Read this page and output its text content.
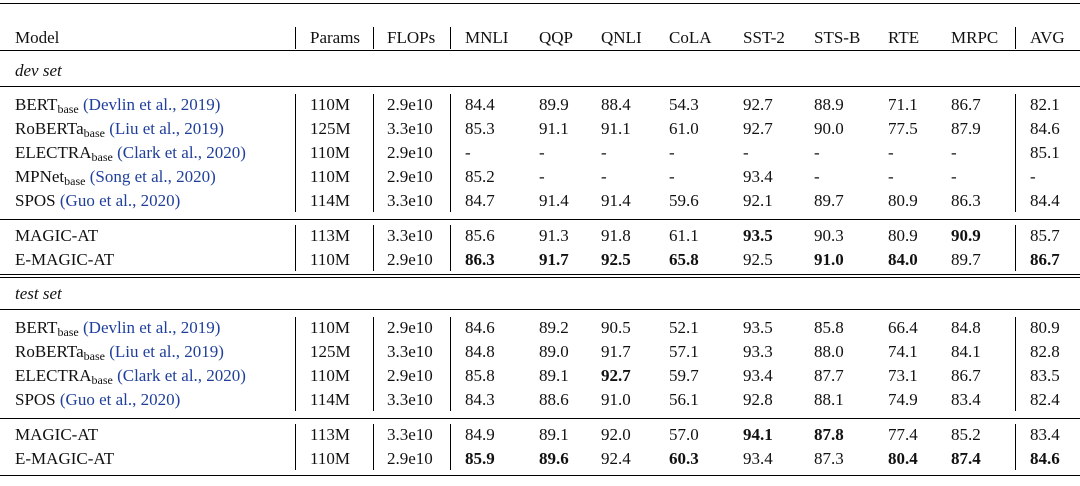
Model	Params FLOPs MNLI QQP QNLI CoLA SST-2 STS-B RTE MRPC AVG
dev set
$BERT_{base}$ (Devlin et al., 2019)	110M 2.9e10 84.4	89.9 88.4 54.3	92.7 88.9	71.1 86.7	82.1
RoBERTa$_{base}$ (Liu et al., 2019)	125M 3.3e10 85.3	91.1 91.1 61.0	92.7 90.0	77.5 87.9	84.6
$ELECTRA_{base}$ (Clark et al., 2020)	110M 2.9e10 -	-	-	-	-	-	-	-	85.1
MPNet$_{base}$ (Song et al., 2020)	110M 2.9e10 85.2	-	-	-	93.4 -	-	-	-
SPOS (Guo et al., 2020)	114M 3.3e10 84.7	91.4 91.4 59.6	92.1 89.7	80.9 86.3	84.4
MAGIC-AT	113M 3.3e10 85.6	91.3 91.8 61.1	93.5 90.3	80.9 90.9	85.7
E-MAGIC-AT	110M 2.9e10 86.3	91.7 92.5 65.8	92.5 91.0	84.0 89.7	86.7
test set
$BERT_{base}$ (Devlin et al., 2019)	110M 2.9e10 84.6	89.2 90.5 52.1	93.5 85.8	66.4 84.8	80.9
RoBERTa$_{base}$ (Liu et al., 2019)	125M 3.3e10 84.8	89.0 91.7 57.1	93.3 88.0	74.1 84.1	82.8
$ELECTRA_{base}$ (Clark et al., 2020)	110M 2.9e10 85.8	89.1 92.7 59.7	93.4 87.7	73.1 86.7	83.5
SPOS (Guo et al., 2020)	114M 3.3e10 84.3	88.6 91.0 56.1	92.8 88.1	74.9 83.4	82.4
MAGIC-AT	113M 3.3e10 84.9	89.1 92.0 57.0	94.1 87.8	77.4 85.2	83.4
E-MAGIC-AT	110M 2.9e10 85.9	89.6 92.4 60.3	93.4 87.3	80.4 87.4	84.6
